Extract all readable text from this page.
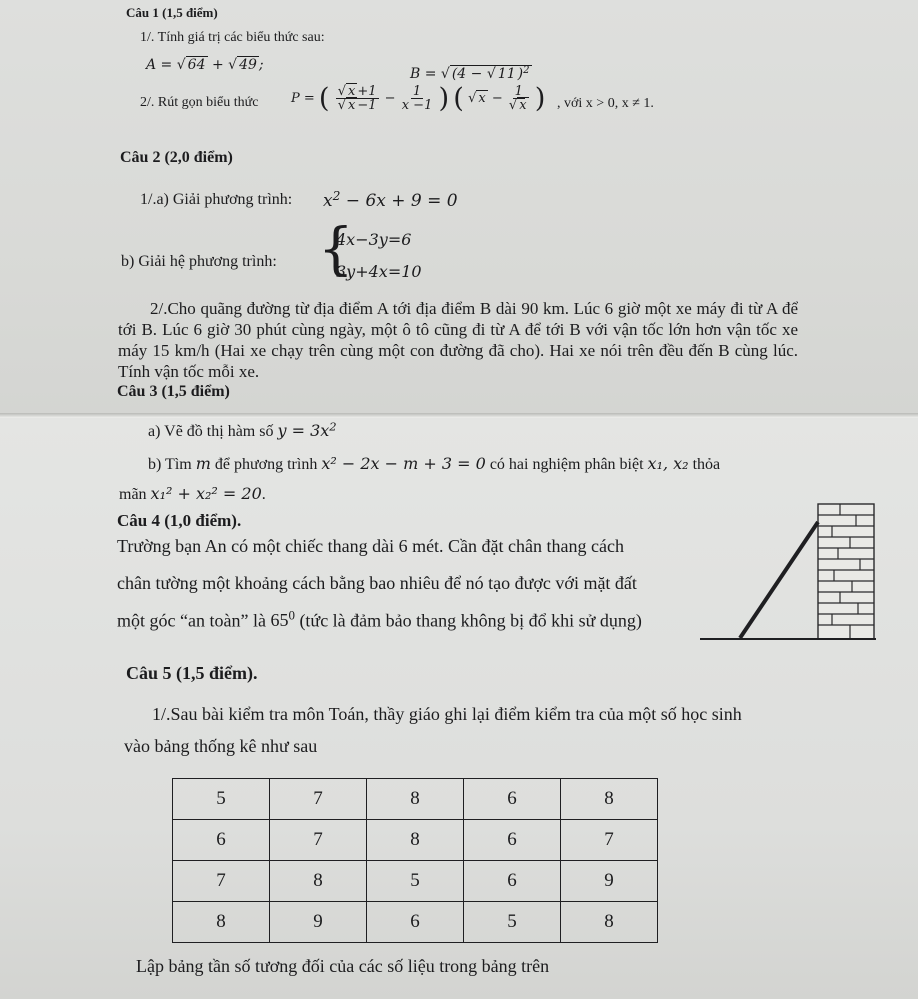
Câu 1 (1,5 điểm)
1/. Tính giá trị các biểu thức sau:
A = √ 64 + √ 49 ;
B = √ (4 − √ 11 )$^2$
2/. Rút gọn biểu thức	P = ( $\frac{√ x +1}{√ x -1} - \frac{1}{x -1}$ ) ( √ $x - \frac{1}{√ x}$ ) , với x > 0, x ≠ 1.
Câu 2 (2,0 điểm)
1/.a) Giải phương trình: $x^2 - 6x + 9 = 0$
b) Giải hệ phương trình: {
4x−3y=6
3y+4x=10
2/.Cho quãng đường từ địa điểm A tới địa điểm B dài 90 km. Lúc 6 giờ một xe máy đi từ A để tới B. Lúc 6 giờ 30 phút cùng ngày, một ô tô cũng đi từ A để tới B với vận tốc lớn hơn vận tốc xe máy 15 km/h (Hai xe chạy trên cùng một con đường đã cho). Hai xe nói trên đều đến B cùng lúc. Tính vận tốc mỗi xe.
Câu 3 (1,5 điểm)
a) Vẽ đồ thị hàm số $y = 3x^2$
b) Tìm m để phương trình x² − 2x − m + 3 = 0 có hai nghiệm phân biệt x₁, x₂ thỏa
mãn x₁² + x₂² = 20.
Câu 4 (1,0 điểm).
Trường bạn An có một chiếc thang dài 6 mét. Cần đặt chân thang cách
chân tường một khoảng cách bằng bao nhiêu để nó tạo được với mặt đất
một góc “an toàn” là $65^0$ (tức là đảm bảo thang không bị đổ khi sử dụng)
Câu 5 (1,5 điểm).
1/.Sau bài kiểm tra môn Toán, thầy giáo ghi lại điểm kiểm tra của một số học sinh
vào bảng thống kê như sau
5	7	8	6	8
6	7	8	6	7
7	8	5	6	9
8	9	6	5	8
Lập bảng tần số tương đối của các số liệu trong bảng trên
